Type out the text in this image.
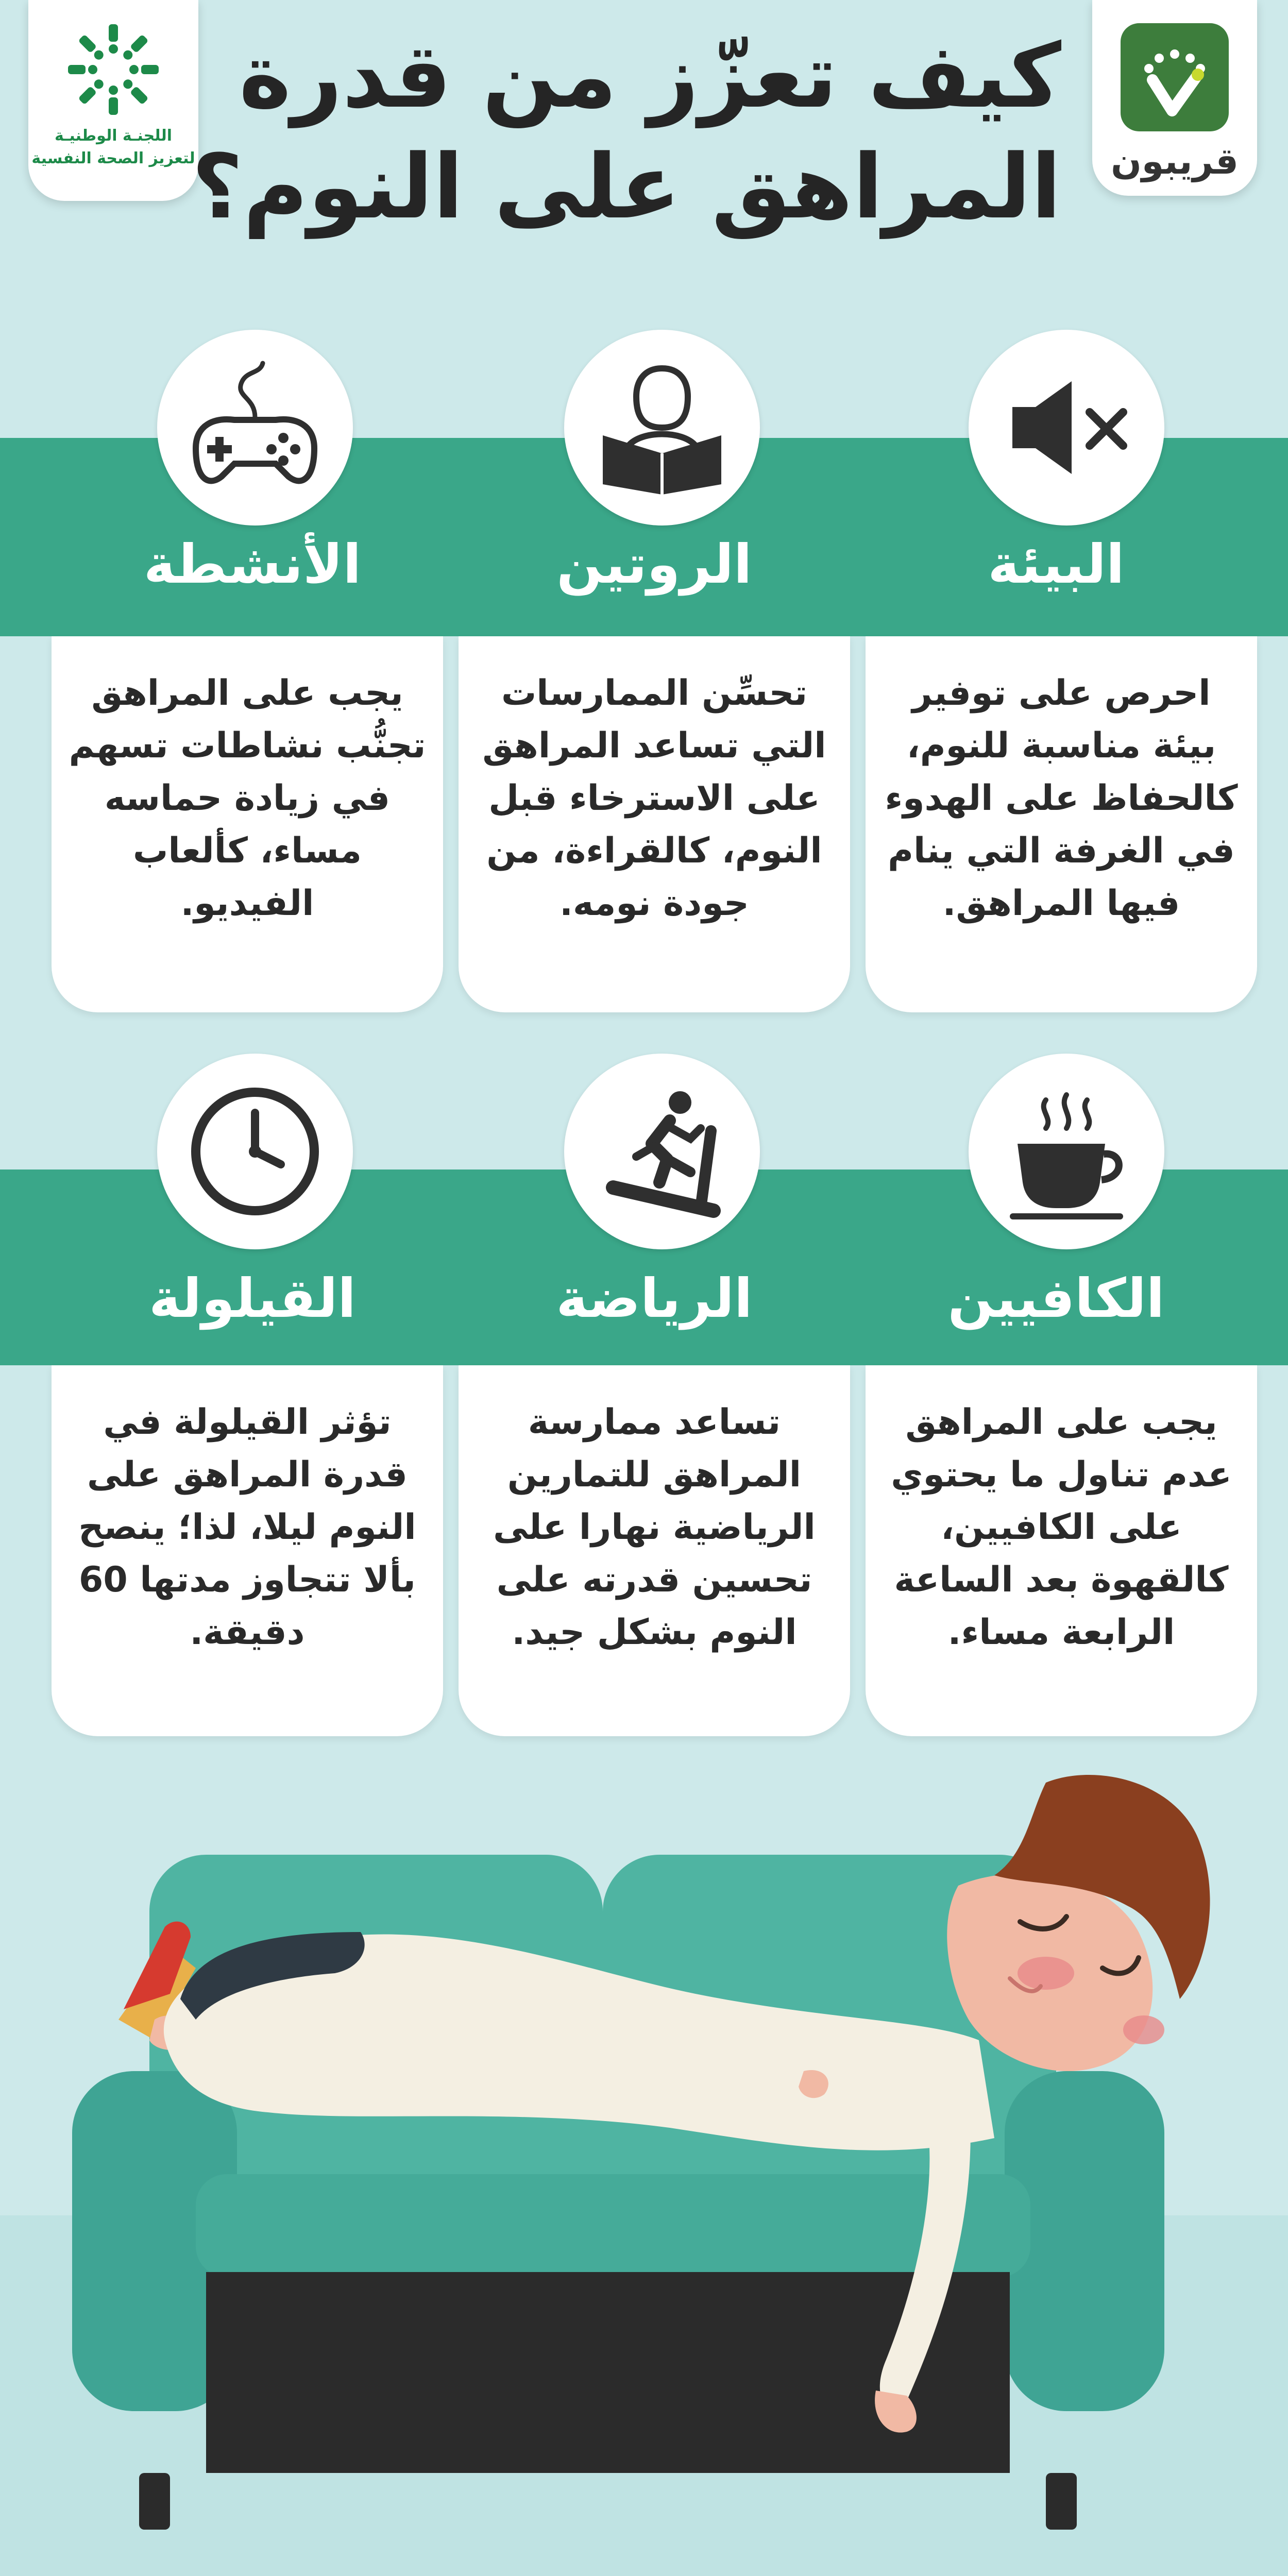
قريبون
اللجنـة الوطنيـة
لتعزيز الصحة النفسية
كيف تعزّز من قدرة
المراهق على النوم؟
البيئة
الروتين
الأنشطة
احرص على توفير بيئة مناسبة للنوم، كالحفاظ على الهدوء في الغرفة التي ينام فيها المراهق.
تحسِّن الممارسات التي تساعد المراهق على الاسترخاء قبل النوم، كالقراءة، من جودة نومه.
يجب على المراهق تجنُّب نشاطات تسهم في زيادة حماسه مساء، كألعاب الفيديو.
الكافيين
الرياضة
القيلولة
يجب على المراهق عدم تناول ما يحتوي على الكافيين، كالقهوة بعد الساعة الرابعة مساء.
تساعد ممارسة المراهق للتمارين الرياضية نهارا على تحسين قدرته على النوم بشكل جيد.
تؤثر القيلولة في قدرة المراهق على النوم ليلا، لذا؛ ينصح بألا تتجاوز مدتها 60 دقيقة.
